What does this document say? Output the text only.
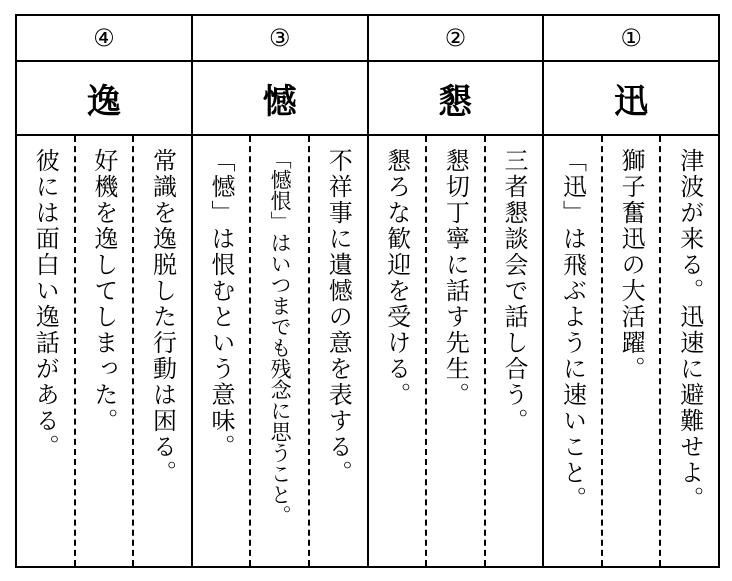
①
迅
津波が来る。迅速に避難せよ。
獅子奮迅の大活躍。
「迅」は飛ぶように速いこと。
②
懇
三者懇談会で話し合う。
懇切丁寧に話す先生。
懇ろな歓迎を受ける。
③
憾
不祥事に遺憾の意を表する。
「憾恨」はいつまでも残念に思うこと。
「憾」は恨むという意味。
④
逸
常識を逸脱した行動は困る。
好機を逸してしまった。
彼には面白い逸話がある。
